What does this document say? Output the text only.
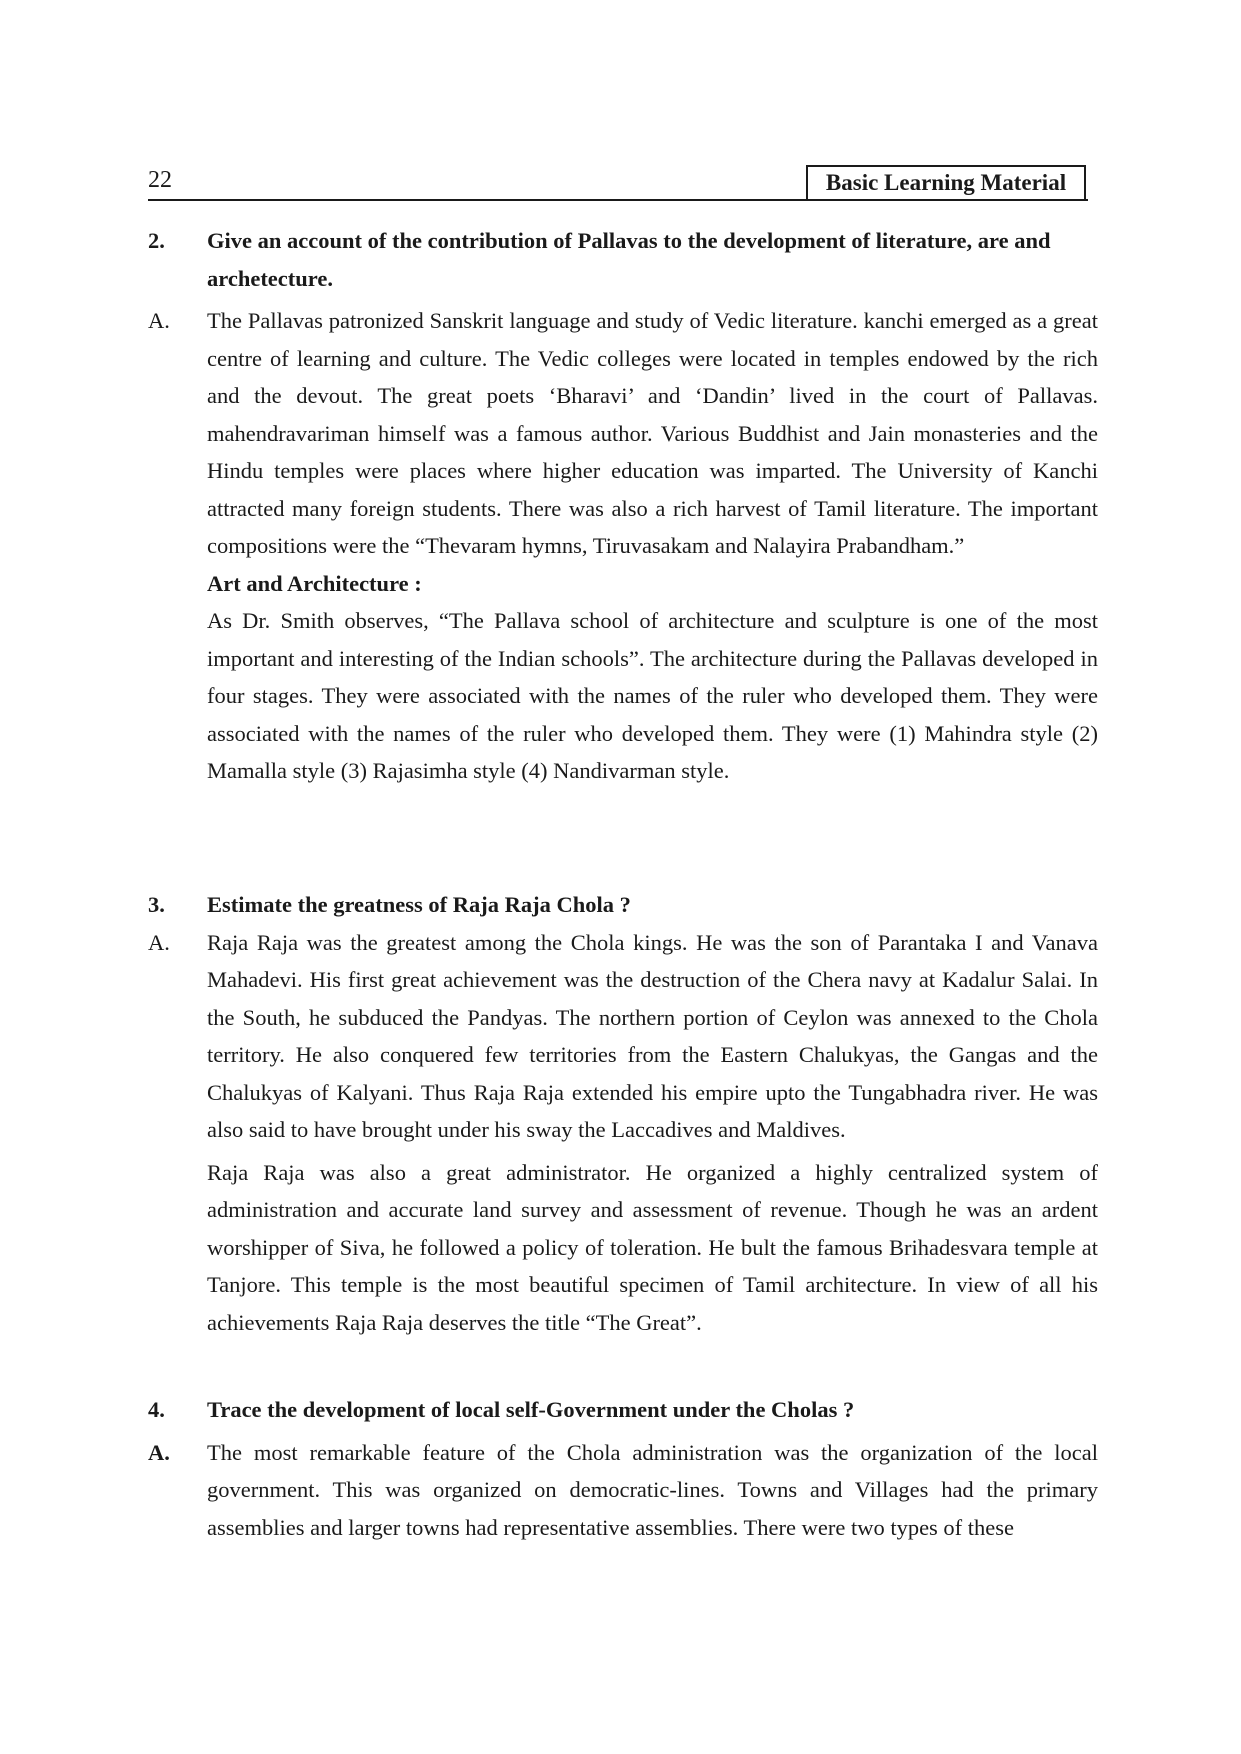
22	Basic Learning Material
2.	Give an account of the contribution of Pallavas to the development of literature, are and archetecture.
A.	The Pallavas patronized Sanskrit language and study of Vedic literature. kanchi emerged as a great centre of learning and culture. The Vedic colleges were located in temples endowed by the rich and the devout. The great poets ‘Bharavi’ and ‘Dandin’ lived in the court of Pallavas. mahendravariman himself was a famous author. Various Buddhist and Jain monasteries and the Hindu temples were places where higher education was imparted. The University of Kanchi attracted many foreign students. There was also a rich harvest of Tamil literature. The important compositions were the “Thevaram hymns, Tiruvasakam and Nalayira Prabandham.”
Art and Architecture :
As Dr. Smith observes, “The Pallava school of architecture and sculpture is one of the most important and interesting of the Indian schools”. The architecture during the Pallavas developed in four stages. They were associated with the names of the ruler who developed them. They were associated with the names of the ruler who developed them. They were (1) Mahindra style (2) Mamalla style (3) Rajasimha style (4) Nandivarman style.
3.	Estimate the greatness of Raja Raja Chola ?
A.	Raja Raja was the greatest among the Chola kings. He was the son of Parantaka I and Vanava Mahadevi. His first great achievement was the destruction of the Chera navy at Kadalur Salai. In the South, he subduced the Pandyas. The northern portion of Ceylon was annexed to the Chola territory. He also conquered few territories from the Eastern Chalukyas, the Gangas and the Chalukyas of Kalyani. Thus Raja Raja extended his empire upto the Tungabhadra river. He was also said to have brought under his sway the Laccadives and Maldives.
Raja Raja was also a great administrator. He organized a highly centralized system of administration and accurate land survey and assessment of revenue. Though he was an ardent worshipper of Siva, he followed a policy of toleration. He bult the famous Brihadesvara temple at Tanjore. This temple is the most beautiful specimen of Tamil architecture. In view of all his achievements Raja Raja deserves the title “The Great”.
4.	Trace the development of local self-Government under the Cholas ?
A.	The most remarkable feature of the Chola administration was the organization of the local government. This was organized on democratic-lines. Towns and Villages had the primary assemblies and larger towns had representative assemblies. There were two types of these
